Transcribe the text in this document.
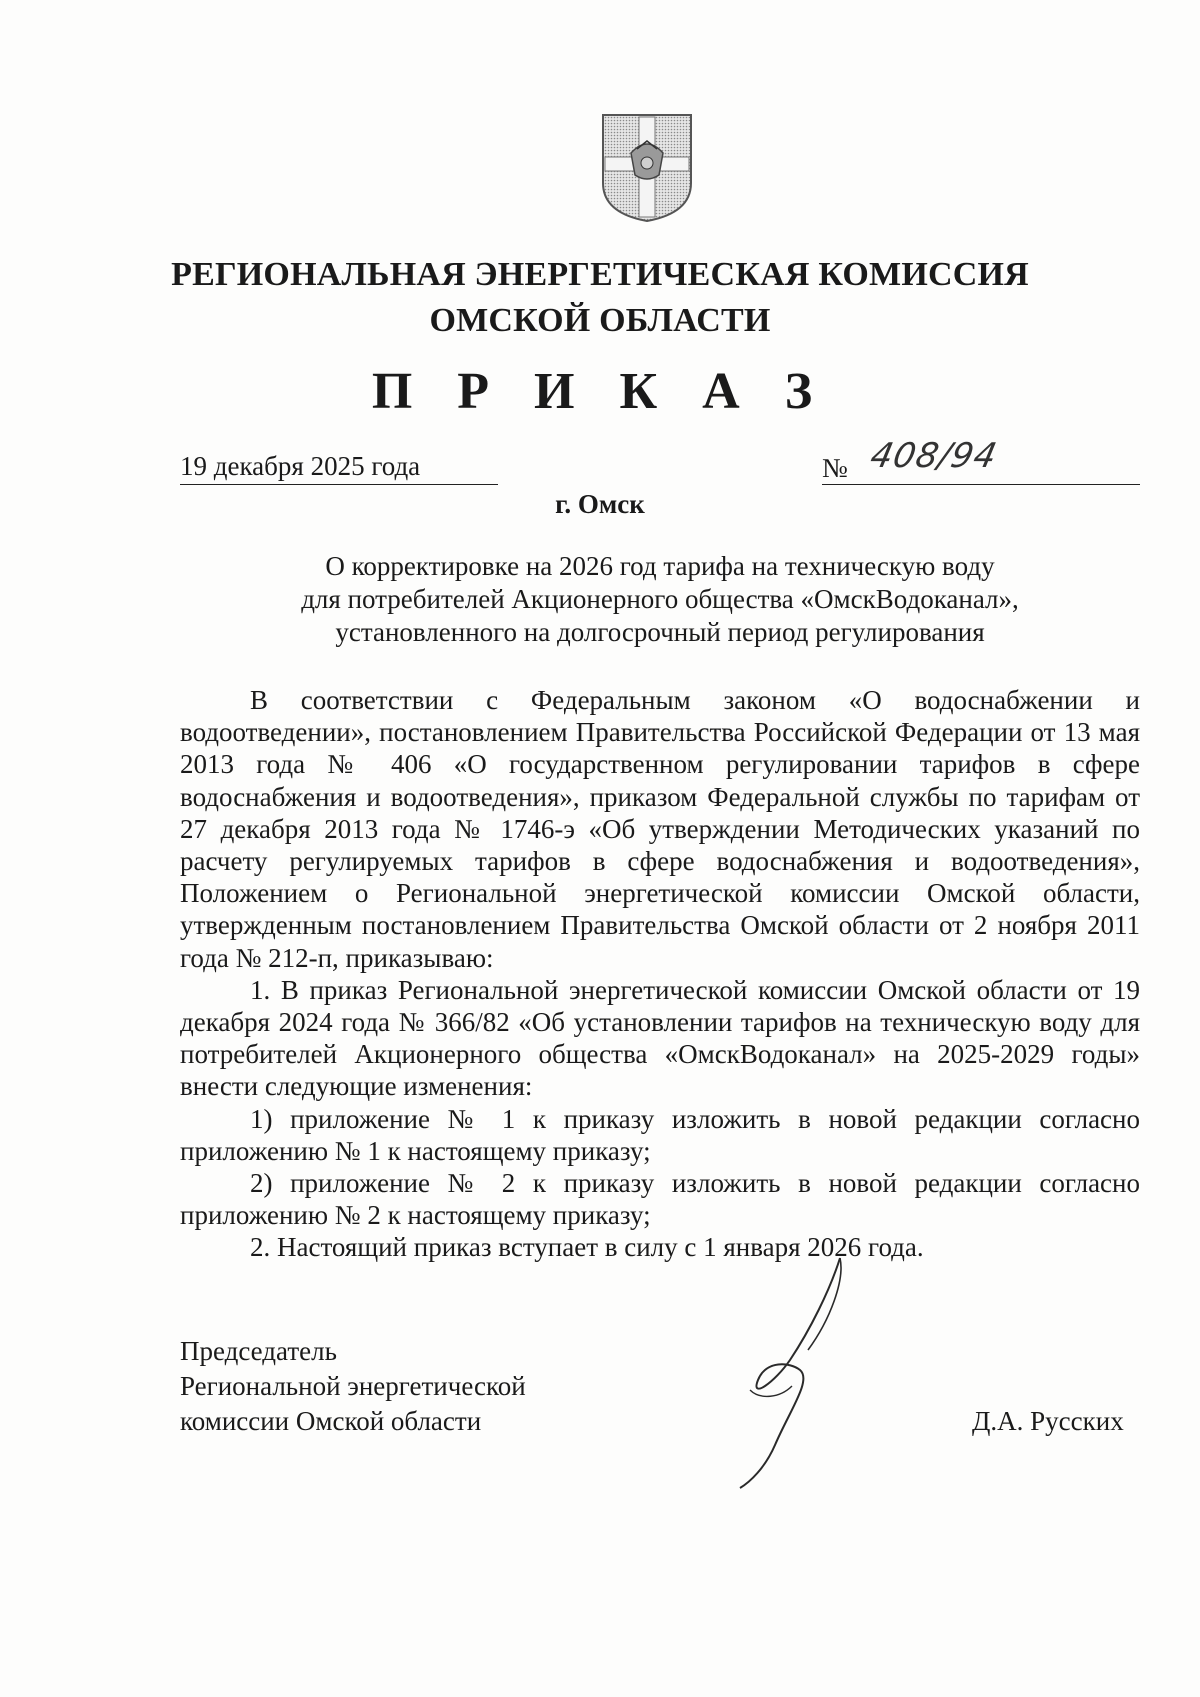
РЕГИОНАЛЬНАЯ ЭНЕРГЕТИЧЕСКАЯ КОМИССИЯ
ОМСКОЙ ОБЛАСТИ
П Р И К А З
19 декабря 2025 года	№ 408/94
г. Омск
О корректировке на 2026 год тарифа на техническую воду
для потребителей Акционерного общества «ОмскВодоканал»,
установленного на долгосрочный период регулирования

В соответствии с Федеральным законом «О водоснабжении и водоотведении», постановлением Правительства Российской Федерации от 13 мая 2013 года № 406 «О государственном регулировании тарифов в сфере водоснабжения и водоотведения», приказом Федеральной службы по тарифам от 27 декабря 2013 года № 1746-э «Об утверждении Методических указаний по расчету регулируемых тарифов в сфере водоснабжения и водоотведения», Положением о Региональной энергетической комиссии Омской области, утвержденным постановлением Правительства Омской области от 2 ноября 2011 года № 212-п, приказываю:

1. В приказ Региональной энергетической комиссии Омской области от 19 декабря 2024 года № 366/82 «Об установлении тарифов на техническую воду для потребителей Акционерного общества «ОмскВодоканал» на 2025-2029 годы» внести следующие изменения:

1) приложение № 1 к приказу изложить в новой редакции согласно приложению № 1 к настоящему приказу;

2) приложение № 2 к приказу изложить в новой редакции согласно приложению № 2 к настоящему приказу;

2. Настоящий приказ вступает в силу с 1 января 2026 года.

Председатель
Региональной энергетической
комиссии Омской области	Д.А. Русских
